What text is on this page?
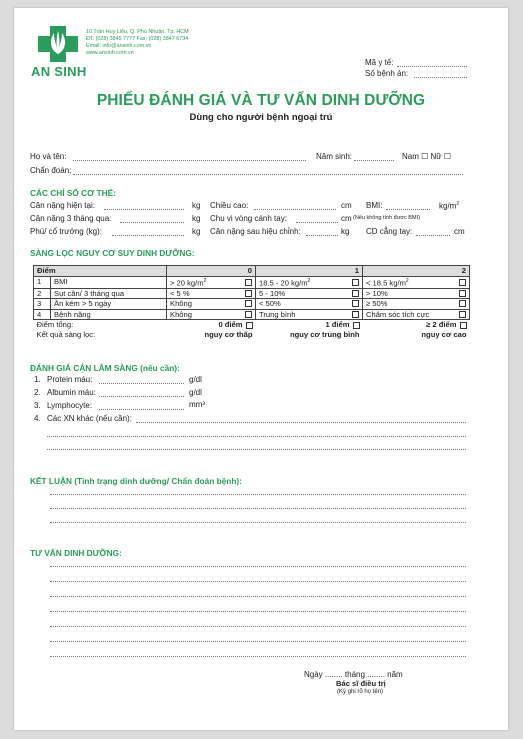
AN SINH
10 Trần Huy Liệu, Q. Phú Nhuận, Tp. HCM
ĐT: (028) 3845 7777 Fax: (028) 3847 6734
Email: info@ansinh.com.vn
www.ansinh.com.vn
Mã y tế:
Số bệnh án:
PHIẾU ĐÁNH GIÁ VÀ TƯ VẤN DINH DƯỠNG
Dùng cho người bệnh ngoại trú
Họ và tên:	Năm sinh:	Nam ☐ Nữ ☐
Chẩn đoán:
CÁC CHỈ SỐ CƠ THỂ:
Cân nặng hiện tại:	kg Chiều cao:	cm BMI:	$kg/m^2$
Cân nặng 3 tháng qua:	kg Chu vi vòng cánh tay:	cm (Nếu không tính được BMI)
Phù/ cổ trướng (kg):	kg Cân nặng sau hiệu chỉnh:	kg CD cẳng tay:	cm
SÀNG LỌC NGUY CƠ SUY DINH DƯỠNG:
Điểm		0	1	2
1	BMI	> 20 $kg/m^2$	18.5 - 20 $kg/m^2$	< 18.5 $kg/m^2$

2	Sụt cân/ 3 tháng qua	< 5 %	5 - 10%	> 10%

3	Ăn kém > 5 ngày	Không	< 50%	≥ 50%

4	Bệnh nặng	Không	Trung bình	Chăm sóc tích cực

Điểm tổng:		0 điểm	1 điểm	≥ 2 điểm
Kết quả sàng lọc:		nguy cơ thấp	nguy cơ trung bình	nguy cơ cao
ĐÁNH GIÁ CẬN LÂM SÀNG (nếu cần):
1. Protein máu:	g/dl
2. Albumin máu:	g/dl
3. Lymphocyte:	mm³
4. Các XN khác (nếu cần):
KẾT LUẬN (Tình trạng dinh dưỡng/ Chẩn đoán bệnh):
TƯ VẤN DINH DƯỠNG:
Ngày ........ tháng ........ năm
Bác sĩ điều trị
(Ký ghi rõ họ tên)
